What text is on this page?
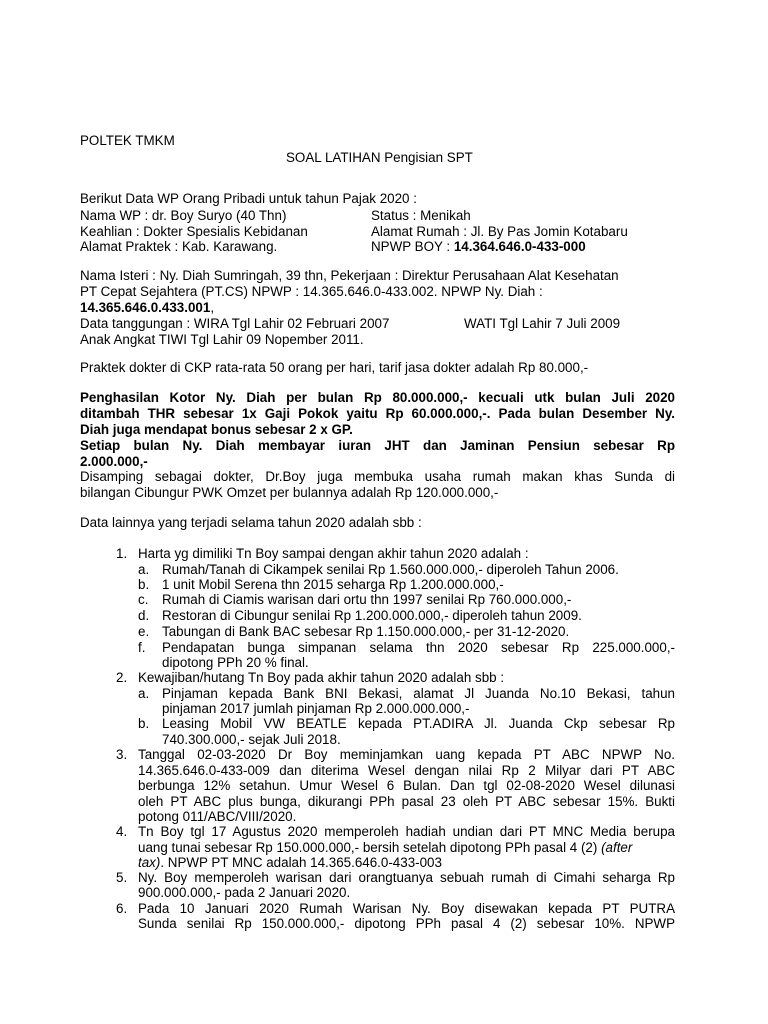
POLTEK TMKM
SOAL LATIHAN Pengisian SPT
Berikut Data WP Orang Pribadi untuk tahun Pajak 2020 :
Nama WP : dr. Boy Suryo (40 Thn)	Status : Menikah
Keahlian : Dokter Spesialis Kebidanan	Alamat Rumah : Jl. By Pas Jomin Kotabaru
Alamat Praktek : Kab. Karawang.	NPWP BOY : 14.364.646.0-433-000
Nama Isteri : Ny. Diah Sumringah, 39 thn, Pekerjaan : Direktur Perusahaan Alat Kesehatan
PT Cepat Sejahtera (PT.CS) NPWP : 14.365.646.0-433.002. NPWP Ny. Diah :
14.365.646.0.433.001,
Data tanggungan : WIRA Tgl Lahir 02 Februari 2007	WATI Tgl Lahir 7 Juli 2009
Anak Angkat TIWI Tgl Lahir 09 Nopember 2011.
Praktek dokter di CKP rata-rata 50 orang per hari, tarif jasa dokter adalah Rp 80.000,-
Penghasilan Kotor Ny. Diah per bulan Rp 80.000.000,- kecuali utk bulan Juli 2020
ditambah THR sebesar 1x Gaji Pokok yaitu Rp 60.000.000,-. Pada bulan Desember Ny.
Diah juga mendapat bonus sebesar 2 x GP.
Setiap bulan Ny. Diah membayar iuran JHT dan Jaminan Pensiun sebesar Rp
2.000.000,-
Disamping sebagai dokter, Dr.Boy juga membuka usaha rumah makan khas Sunda di
bilangan Cibungur PWK Omzet per bulannya adalah Rp 120.000.000,-
Data lainnya yang terjadi selama tahun 2020 adalah sbb :
1. Harta yg dimiliki Tn Boy sampai dengan akhir tahun 2020 adalah :
a. Rumah/Tanah di Cikampek senilai Rp 1.560.000.000,- diperoleh Tahun 2006.
b. 1 unit Mobil Serena thn 2015 seharga Rp 1.200.000.000,-
c. Rumah di Ciamis warisan dari ortu thn 1997 senilai Rp 760.000.000,-
d. Restoran di Cibungur senilai Rp 1.200.000.000,- diperoleh tahun 2009.
e. Tabungan di Bank BAC sebesar Rp 1.150.000.000,- per 31-12-2020.
f. Pendapatan bunga simpanan selama thn 2020 sebesar Rp 225.000.000,-
dipotong PPh 20 % final.
2. Kewajiban/hutang Tn Boy pada akhir tahun 2020 adalah sbb :
a. Pinjaman kepada Bank BNI Bekasi, alamat Jl Juanda No.10 Bekasi, tahun
pinjaman 2017 jumlah pinjaman Rp 2.000.000.000,-
b. Leasing Mobil VW BEATLE kepada PT.ADIRA Jl. Juanda Ckp sebesar Rp
740.300.000,- sejak Juli 2018.
3. Tanggal 02-03-2020 Dr Boy meminjamkan uang kepada PT ABC NPWP No.
14.365.646.0-433-009 dan diterima Wesel dengan nilai Rp 2 Milyar dari PT ABC
berbunga 12% setahun. Umur Wesel 6 Bulan. Dan tgl 02-08-2020 Wesel dilunasi
oleh PT ABC plus bunga, dikurangi PPh pasal 23 oleh PT ABC sebesar 15%. Bukti
potong 011/ABC/VIII/2020.
4. Tn Boy tgl 17 Agustus 2020 memperoleh hadiah undian dari PT MNC Media berupa
uang tunai sebesar Rp 150.000.000,- bersih setelah dipotong PPh pasal 4 (2) (after
tax). NPWP PT MNC adalah 14.365.646.0-433-003
5. Ny. Boy memperoleh warisan dari orangtuanya sebuah rumah di Cimahi seharga Rp
900.000.000,- pada 2 Januari 2020.
6. Pada 10 Januari 2020 Rumah Warisan Ny. Boy disewakan kepada PT PUTRA
Sunda senilai Rp 150.000.000,- dipotong PPh pasal 4 (2) sebesar 10%. NPWP
